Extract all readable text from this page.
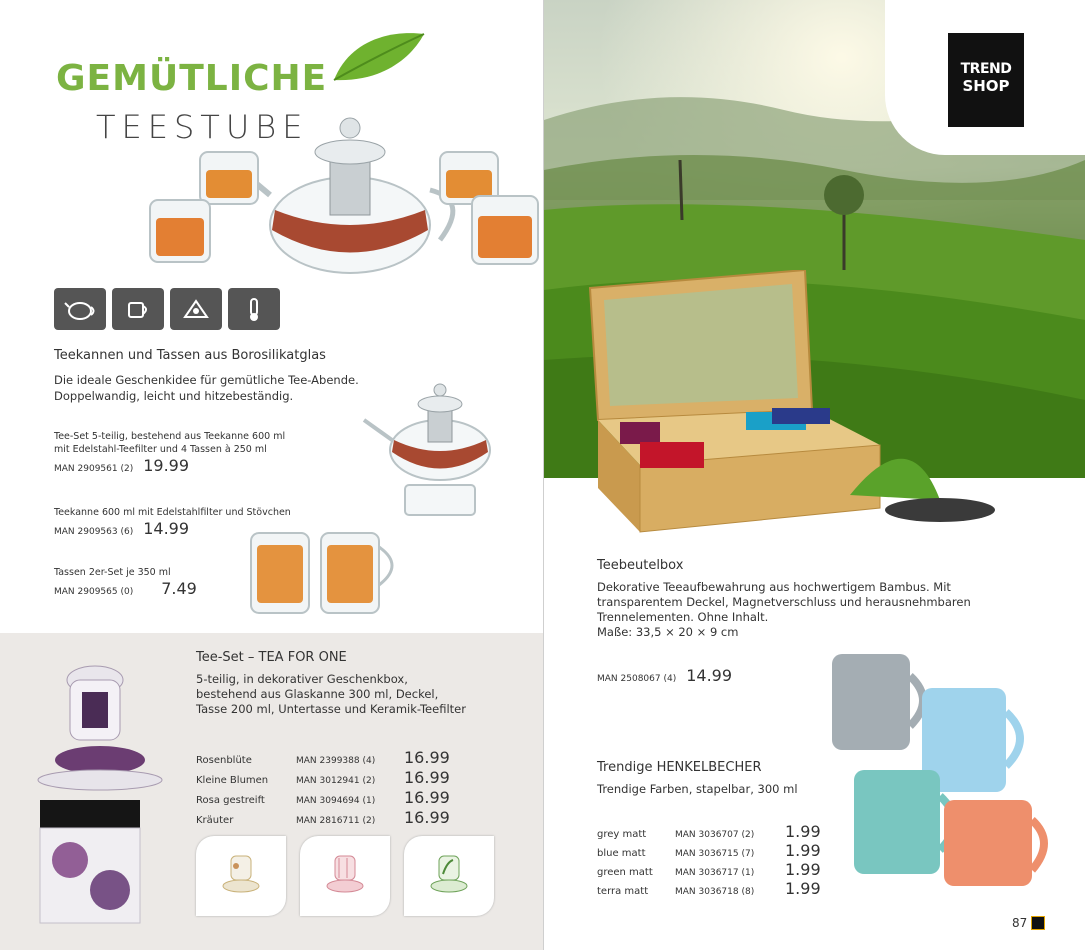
GEMÜTLICHE
TEESTUBE
Teekannen und Tassen aus Borosilikatglas
Die ideale Geschenkidee für gemütliche Tee-Abende.
Doppelwandig, leicht und hitzebeständig.
Tee-Set 5-teilig, bestehend aus Teekanne 600 ml
mit Edelstahl-Teefilter und 4 Tassen à 250 ml
MAN 2909561 (2) 19.99
Teekanne 600 ml mit Edelstahlfilter und Stövchen
MAN 2909563 (6) 14.99
Tassen 2er-Set je 350 ml
MAN 2909565 (0) 7.49
Tee-Set – TEA FOR ONE
5-teilig, in dekorativer Geschenkbox,
bestehend aus Glaskanne 300 ml, Deckel,
Tasse 200 ml, Untertasse und Keramik-Teefilter
Rosenblüte	MAN 2399388 (4)	16.99
Kleine Blumen	MAN 3012941 (2)	16.99
Rosa gestreift	MAN 3094694 (1)	16.99
Kräuter	MAN 2816711 (2)	16.99
TREND
SHOP
Teebeutelbox
Dekorative Teeaufbewahrung aus hochwertigem Bambus. Mit
transparentem Deckel, Magnetverschluss und herausnehmbaren
Trennelementen. Ohne Inhalt.
Maße: 33,5 × 20 × 9 cm
MAN 2508067 (4) 14.99
Trendige HENKELBECHER
Trendige Farben, stapelbar, 300 ml
grey matt	MAN 3036707 (2)	1.99
blue matt	MAN 3036715 (7)	1.99
green matt	MAN 3036717 (1)	1.99
terra matt	MAN 3036718 (8)	1.99
87
